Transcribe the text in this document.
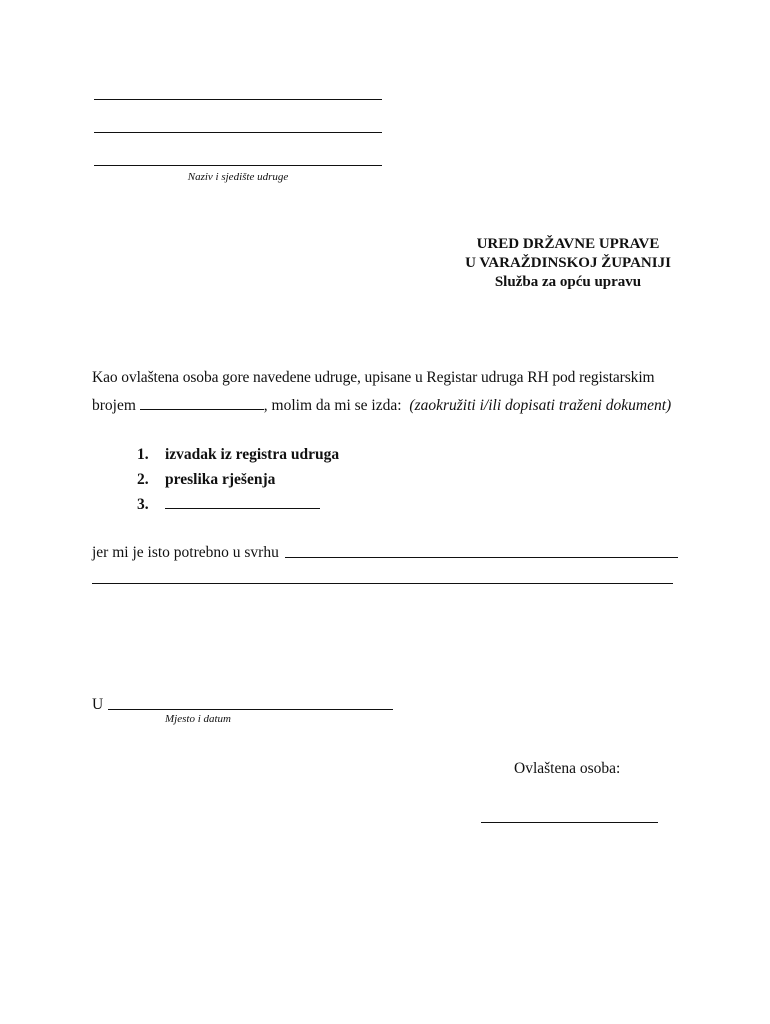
Naziv i sjedište udruge
URED DRŽAVNE UPRAVE
U VARAŽDINSKOJ ŽUPANIJI
Služba za opću upravu
Kao ovlaštena osoba gore navedene udruge, upisane u Registar udruga RH pod registarskim
brojem	, molim da mi se izda: (zaokružiti i/ili dopisati traženi dokument)
1. izvadak iz registra udruga
2. preslika rješenja
3.
jer mi je isto potrebno u svrhu
U
Mjesto i datum
Ovlaštena osoba:
